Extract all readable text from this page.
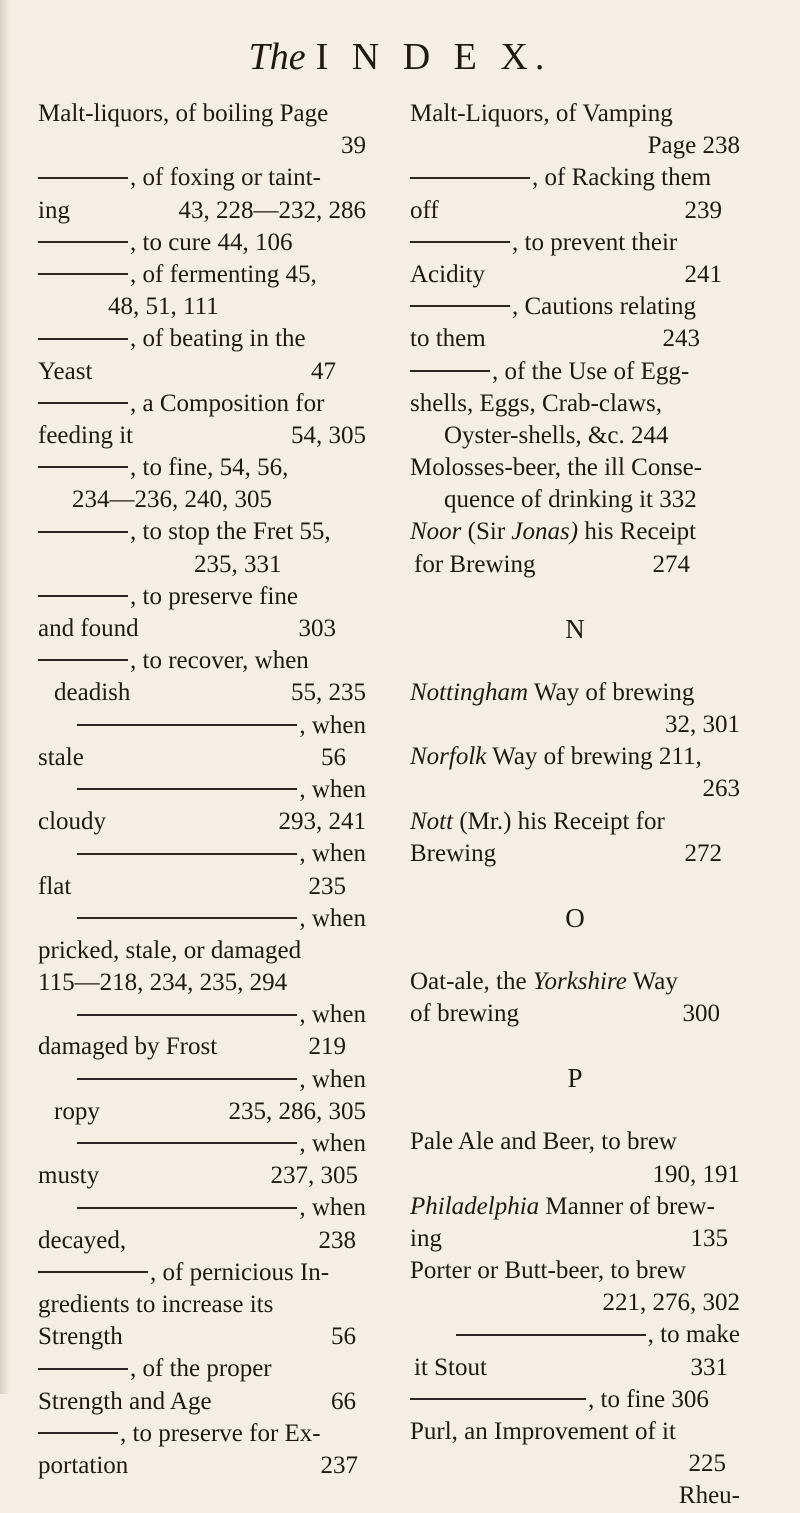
The I N D E X.
Malt-liquors, of boiling Page
39
, of foxing or taint-
ing	43, 228—232, 286
, to cure 44, 106
, of fermenting 45,
48, 51, 111
, of beating in the
Yeast	47
, a Composition for
feeding it	54, 305
, to fine, 54, 56,
234—236, 240, 305
, to stop the Fret 55,
235, 331
, to preserve fine
and found	303
, to recover, when
deadish	55, 235
, when
stale	56
, when
cloudy	293, 241
, when
flat	235
, when
pricked, stale, or damaged
115—218, 234, 235, 294
, when
damaged by Frost	219
, when
ropy	235, 286, 305
, when
musty	237, 305
, when
decayed,	238
, of pernicious In-
gredients to increase its
Strength	56
, of the proper
Strength and Age	66
, to preserve for Ex-
portation	237
Malt-Liquors, of Vamping
Page 238
, of Racking them
off	239
, to prevent their
Acidity	241
, Cautions relating
to them	243
, of the Use of Egg-
shells, Eggs, Crab-claws,
Oyster-shells, &c. 244
Molosses-beer, the ill Conse-
quence of drinking it 332
Noor (Sir Jonas) his Receipt
for Brewing	274
N
Nottingham Way of brewing
32, 301
Norfolk Way of brewing 211,
263
Nott (Mr.) his Receipt for
Brewing	272
O
Oat-ale, the Yorkshire Way
of brewing	300
P
Pale Ale and Beer, to brew
190, 191
Philadelphia Manner of brew-
ing	135
Porter or Butt-beer, to brew
221, 276, 302
, to make
it Stout	331
, to fine 306
Purl, an Improvement of it
225
Rheu-
